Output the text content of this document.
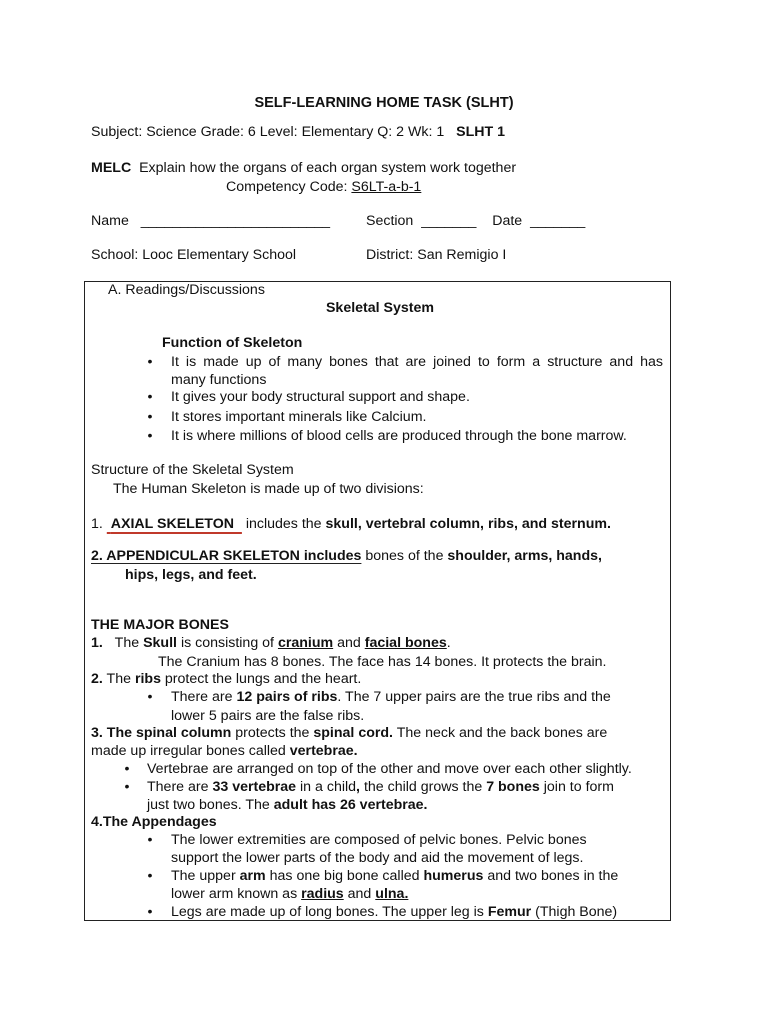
SELF-LEARNING HOME TASK (SLHT)
Subject: Science Grade: 6 Level: Elementary Q: 2 Wk: 1 SLHT 1
MELC Explain how the organs of each organ system work together
Competency Code: S6LT-a-b-1
Name ________________________	Section _______ Date _______
School: Looc Elementary School	District: San Remigio I
A. Readings/Discussions
Skeletal System
Function of Skeleton
•	It is made up of many bones that are joined to form a structure and has
many functions
•	It gives your body structural support and shape.
•	It stores important minerals like Calcium.
•	It is where millions of blood cells are produced through the bone marrow.
Structure of the Skeletal System
The Human Skeleton is made up of two divisions:
1. AXIAL SKELETON includes the skull, vertebral column, ribs, and sternum.
2. APPENDICULAR SKELETON includes bones of the shoulder, arms, hands,
hips, legs, and feet.
THE MAJOR BONES
1. The Skull is consisting of cranium and facial bones.
The Cranium has 8 bones. The face has 14 bones. It protects the brain.
2. The ribs protect the lungs and the heart.
•	There are 12 pairs of ribs. The 7 upper pairs are the true ribs and the
lower 5 pairs are the false ribs.
3. The spinal column protects the spinal cord. The neck and the back bones are
made up irregular bones called vertebrae.
•	Vertebrae are arranged on top of the other and move over each other slightly.
•	There are 33 vertebrae in a child, the child grows the 7 bones join to form
just two bones. The adult has 26 vertebrae.
4.The Appendages
•	The lower extremities are composed of pelvic bones. Pelvic bones
support the lower parts of the body and aid the movement of legs.
•	The upper arm has one big bone called humerus and two bones in the
lower arm known as radius and ulna.
•	Legs are made up of long bones. The upper leg is Femur (Thigh Bone)
